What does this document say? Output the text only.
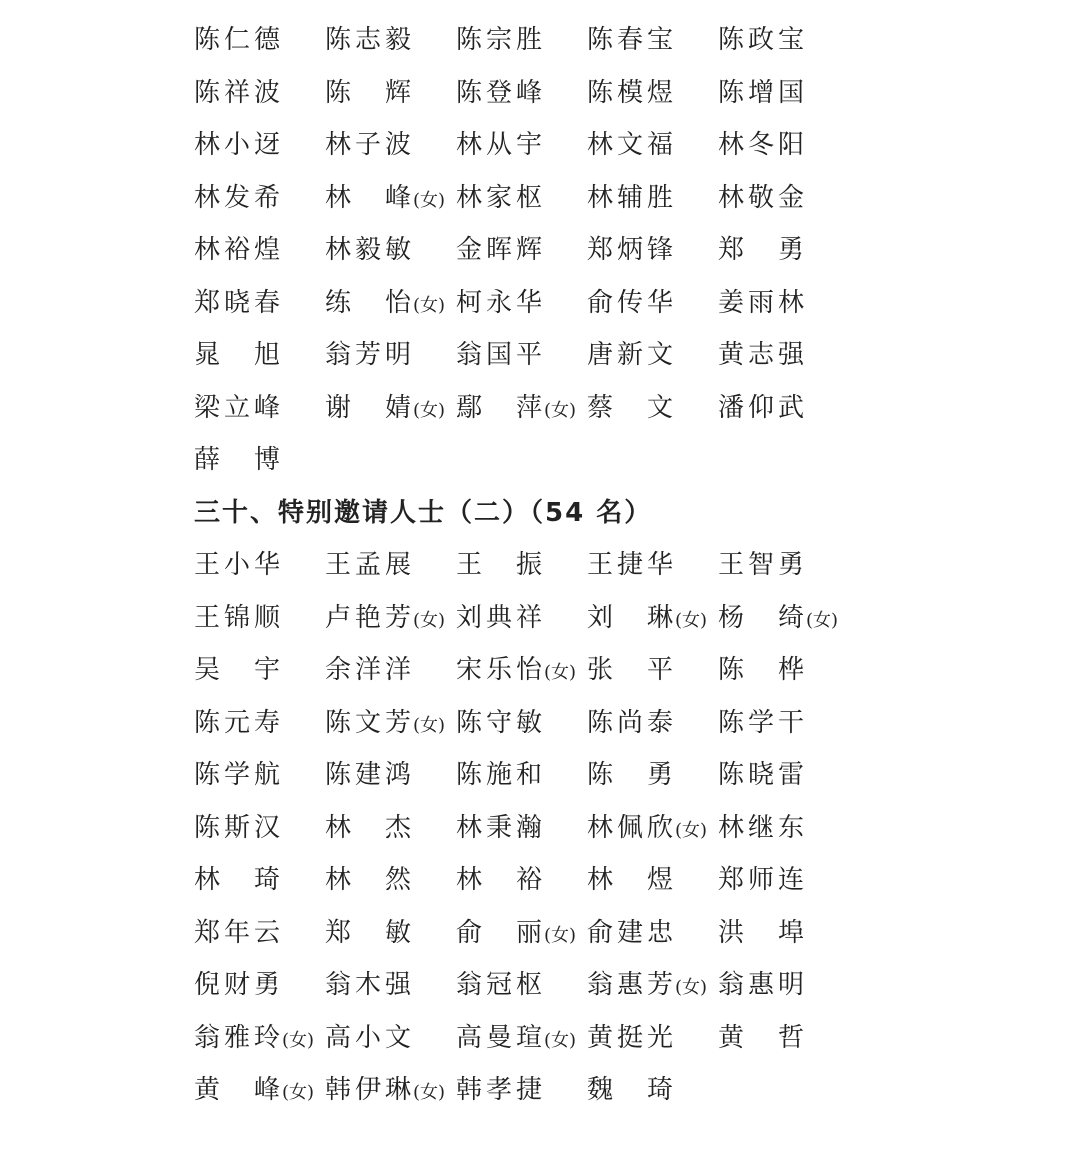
陈仁德 陈志毅 陈宗胜 陈春宝 陈政宝
陈祥波 陈　辉 陈登峰 陈模煜 陈增国
林小迓 林子波 林从宇 林文福 林冬阳
林发希 林　峰(女) 林家枢 林辅胜 林敬金
林裕煌 林毅敏 金晖辉 郑炳锋 郑　勇
郑晓春 练　怡(女) 柯永华 俞传华 姜雨林
晁　旭 翁芳明 翁国平 唐新文 黄志强
梁立峰 谢　婧(女) 鄢　萍(女) 蔡　文 潘仰武
薛　博
三十、特别邀请人士（二）（54 名）
王小华 王孟展 王　振 王捷华 王智勇
王锦顺 卢艳芳(女) 刘典祥 刘　琳(女) 杨　绮(女)
吴　宇 余洋洋 宋乐怡(女) 张　平 陈　桦
陈元寿 陈文芳(女) 陈守敏 陈尚泰 陈学干
陈学航 陈建鸿 陈施和 陈　勇 陈晓雷
陈斯汉 林　杰 林秉瀚 林佩欣(女) 林继东
林　琦 林　然 林　裕 林　煜 郑师连
郑年云 郑　敏 俞　丽(女) 俞建忠 洪　埠
倪财勇 翁木强 翁冠枢 翁惠芳(女) 翁惠明
翁雅玲(女) 高小文 高曼瑄(女) 黄挺光 黄　哲
黄　峰(女) 韩伊琳(女) 韩孝捷 魏　琦
